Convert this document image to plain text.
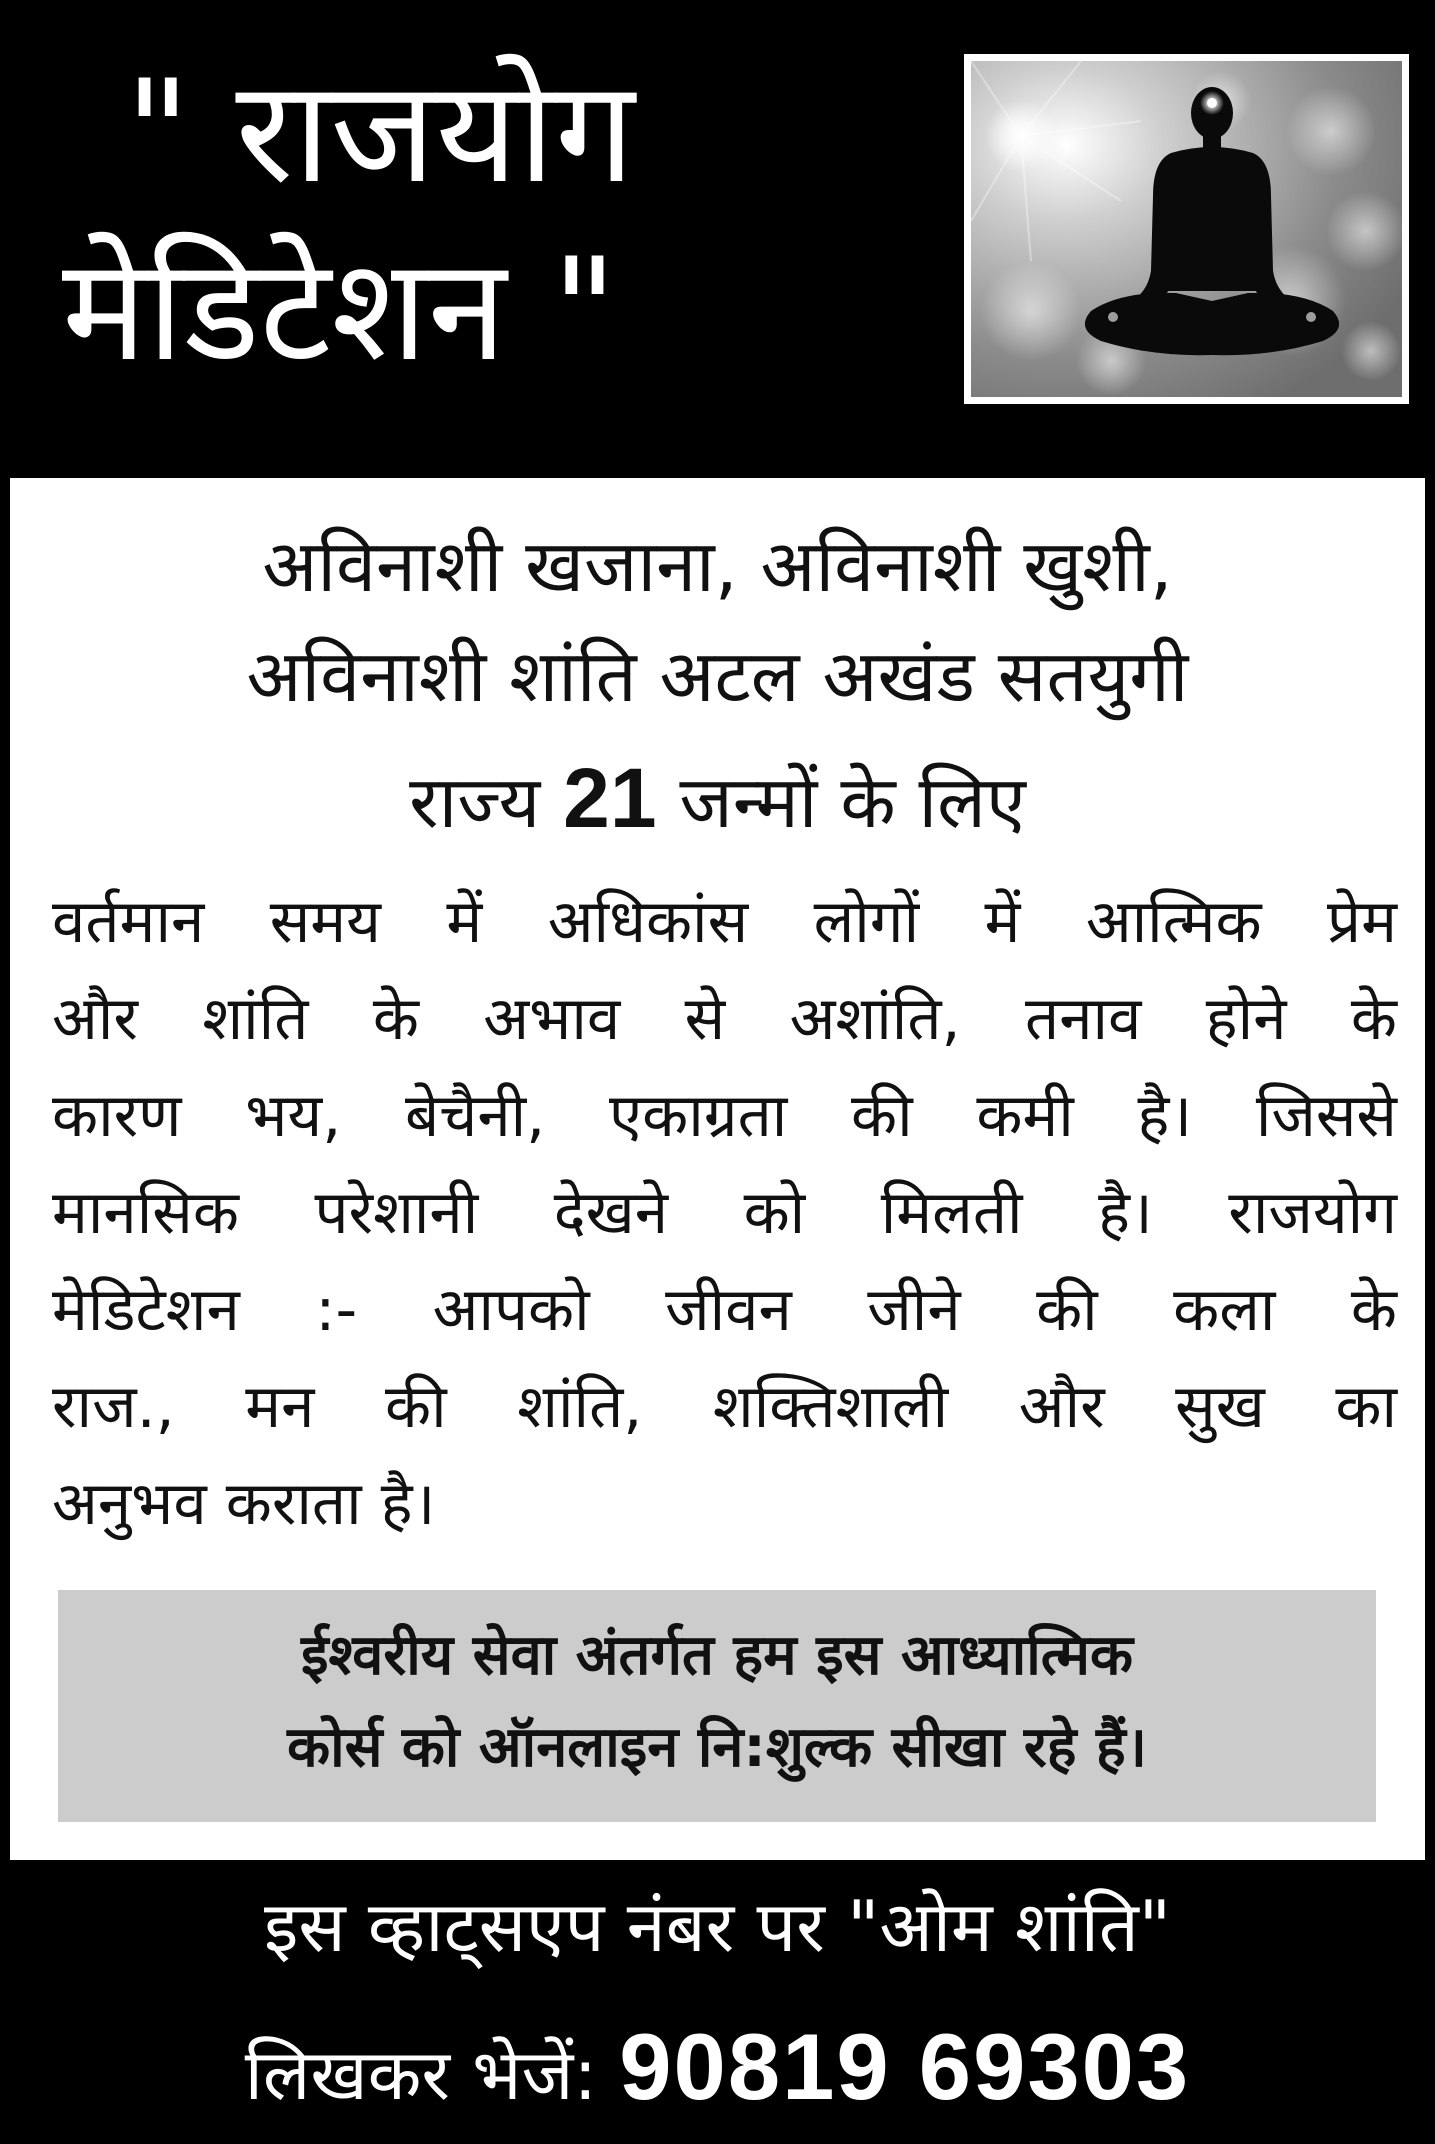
" राजयोग
मेडिटेशन "
अविनाशी खजाना, अविनाशी खुशी,
अविनाशी शांति अटल अखंड सतयुगी
राज्य 21 जन्मों के लिए
वर्तमान समय में अधिकांस लोगों में आत्मिक प्रेम
और शांति के अभाव से अशांति, तनाव होने के
कारण भय, बेचैनी, एकाग्रता की कमी है। जिससे
मानसिक परेशानी देखने को मिलती है। राजयोग
मेडिटेशन :- आपको जीवन जीने की कला के
राज., मन की शांति, शक्तिशाली और सुख का
अनुभव कराता है।
ईश्वरीय सेवा अंतर्गत हम इस आध्यात्मिक
कोर्स को ऑनलाइन नि:शुल्क सीखा रहे हैं।
इस व्हाट्सएप नंबर पर "ओम शांति"
लिखकर भेजें: 90819 69303
